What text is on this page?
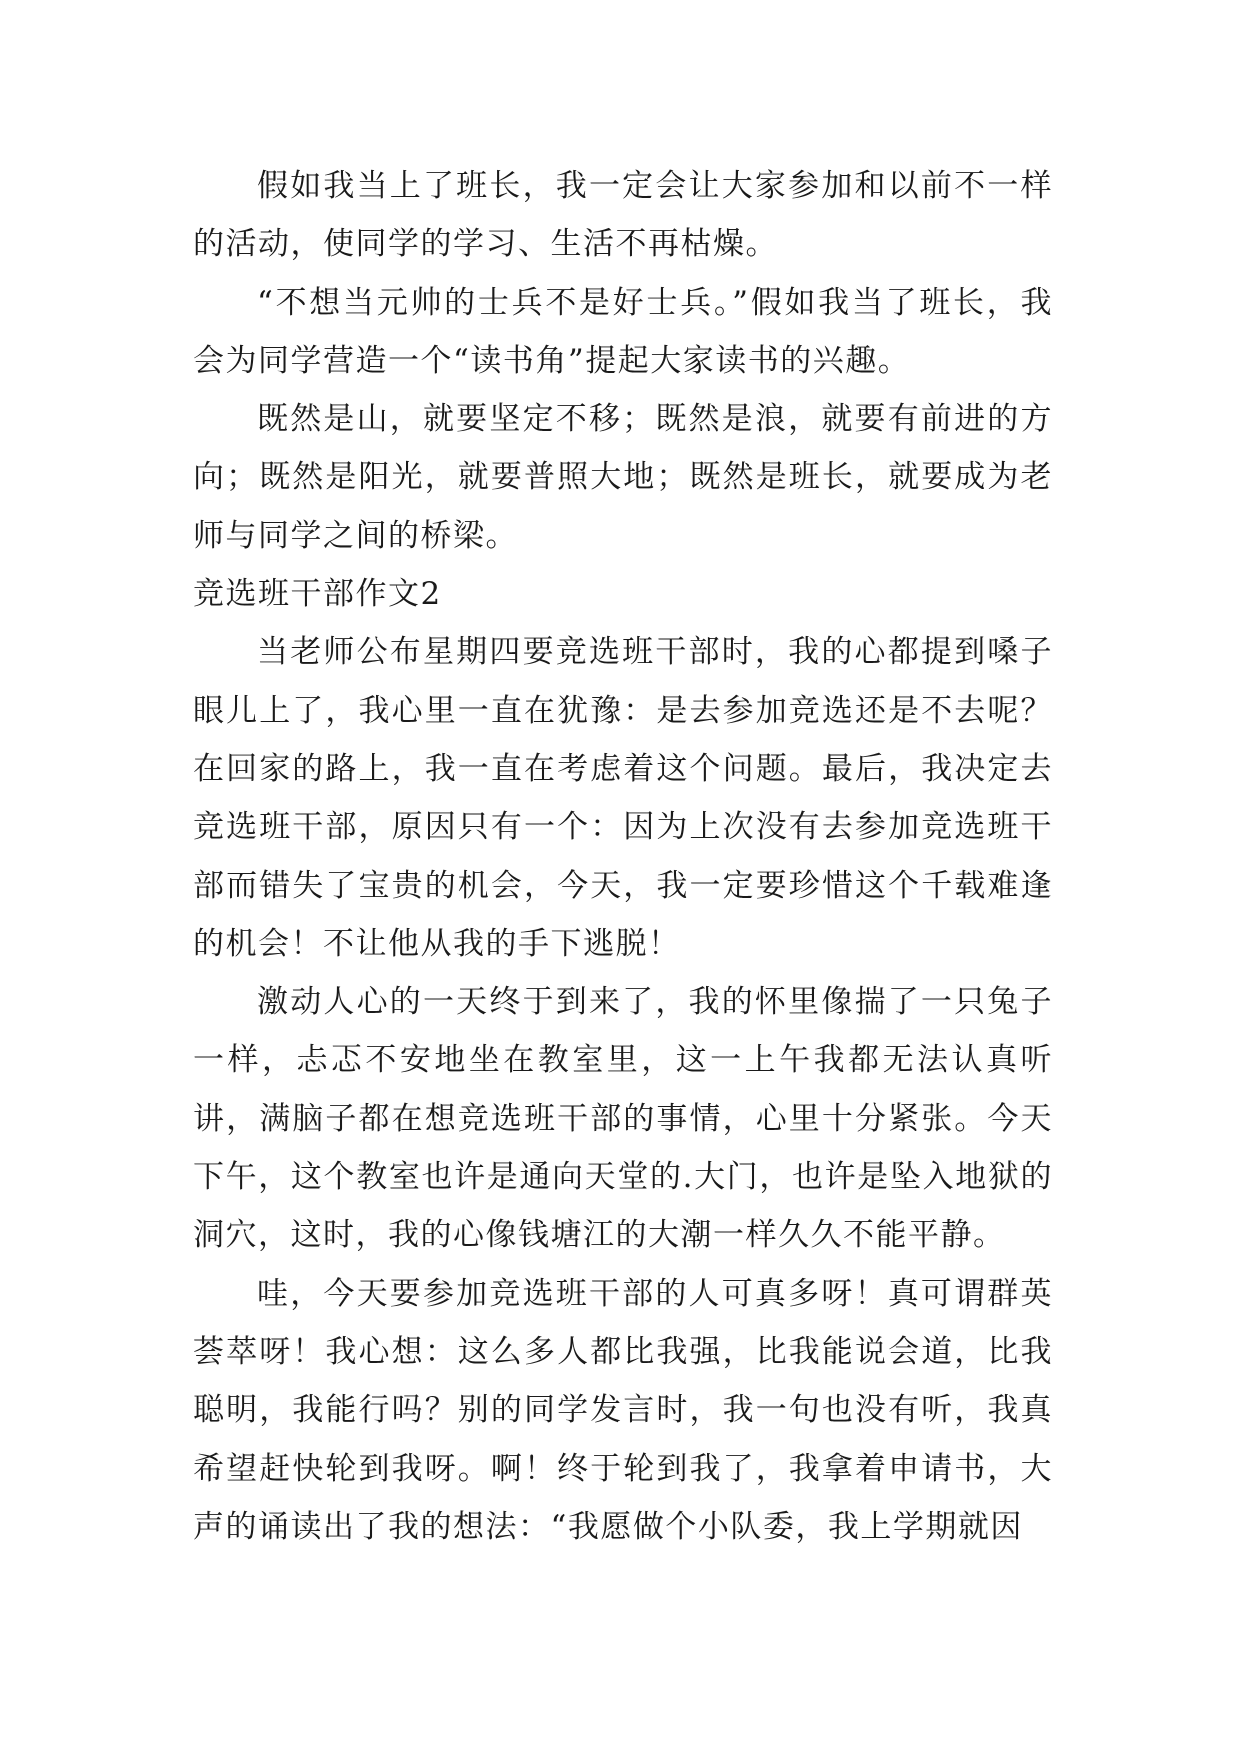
假如我当上了班长，我一定会让大家参加和以前不一样的活动，使同学的学习、生活不再枯燥。

“不想当元帅的士兵不是好士兵。”假如我当了班长，我会为同学营造一个“读书角”提起大家读书的兴趣。

既然是山，就要坚定不移；既然是浪，就要有前进的方向；既然是阳光，就要普照大地；既然是班长，就要成为老师与同学之间的桥梁。

竞选班干部作文2

当老师公布星期四要竞选班干部时，我的心都提到嗓子眼儿上了，我心里一直在犹豫：是去参加竞选还是不去呢？在回家的路上，我一直在考虑着这个问题。最后，我决定去竞选班干部，原因只有一个：因为上次没有去参加竞选班干部而错失了宝贵的机会，今天，我一定要珍惜这个千载难逢的机会！不让他从我的手下逃脱！

激动人心的一天终于到来了，我的怀里像揣了一只兔子一样，忐忑不安地坐在教室里，这一上午我都无法认真听讲，满脑子都在想竞选班干部的事情，心里十分紧张。今天下午，这个教室也许是通向天堂的.大门，也许是坠入地狱的洞穴，这时，我的心像钱塘江的大潮一样久久不能平静。

哇，今天要参加竞选班干部的人可真多呀！真可谓群英荟萃呀！我心想：这么多人都比我强，比我能说会道，比我聪明，我能行吗？别的同学发言时，我一句也没有听，我真希望赶快轮到我呀。啊！终于轮到我了，我拿着申请书，大声的诵读出了我的想法：“我愿做个小队委，我上学期就因
